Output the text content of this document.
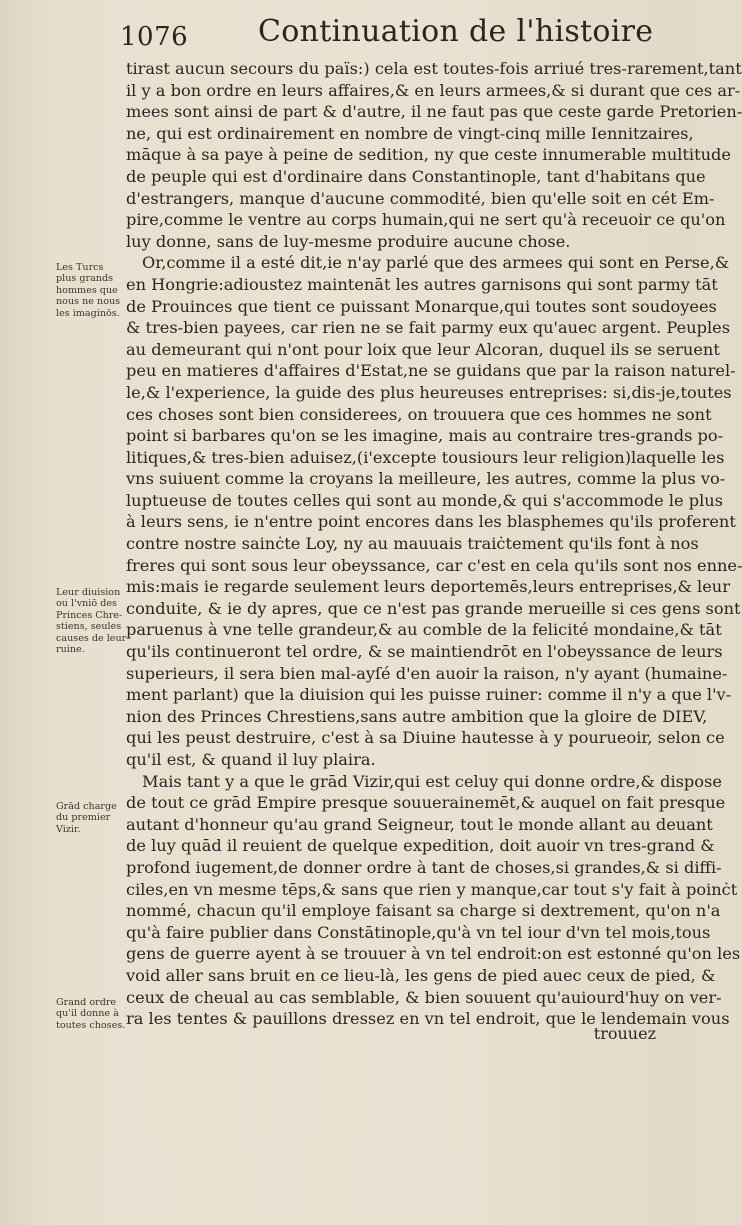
1076 Continuation de l'histoire
tirast aucun secours du païs:) cela est toutes-fois arriué tres-rarement,tant
il y a bon ordre en leurs affaires,& en leurs armees,& si durant que ces ar-
mees sont ainsi de part & d'autre, il ne faut pas que ceste garde Pretorien-
ne, qui est ordinairement en nombre de vingt-cinq mille Iennitzaires,
māque à sa paye à peine de sedition, ny que ceste innumerable multitude
de peuple qui est d'ordinaire dans Constantinople, tant d'habitans que
d'estrangers, manque d'aucune commodité, bien qu'elle soit en cét Em-
pire,comme le ventre au corps humain,qui ne sert qu'à receuoir ce qu'on
luy donne, sans de luy-mesme produire aucune chose.
Or,comme il a esté dit,ie n'ay parlé que des armees qui sont en Perse,&
en Hongrie:adioustez maintenāt les autres garnisons qui sont parmy tāt
de Prouinces que tient ce puissant Monarque,qui toutes sont soudoyees
& tres-bien payees, car rien ne se fait parmy eux qu'auec argent. Peuples
au demeurant qui n'ont pour loix que leur Alcoran, duquel ils se seruent
peu en matieres d'affaires d'Estat,ne se guidans que par la raison naturel-
le,& l'experience, la guide des plus heureuses entreprises: si,dis-je,toutes
ces choses sont bien considerees, on trouuera que ces hommes ne sont
point si barbares qu'on se les imagine, mais au contraire tres-grands po-
litiques,& tres-bien aduisez,(i'excepte tousiours leur religion)laquelle les
vns suiuent comme la croyans la meilleure, les autres, comme la plus vo-
luptueuse de toutes celles qui sont au monde,& qui s'accommode le plus
à leurs sens, ie n'entre point encores dans les blasphemes qu'ils proferent
contre nostre sainċte Loy, ny au mauuais traiċtement qu'ils font à nos
freres qui sont sous leur obeyssance, car c'est en cela qu'ils sont nos enne-
mis:mais ie regarde seulement leurs deportemēs,leurs entreprises,& leur
conduite, & ie dy apres, que ce n'est pas grande merueille si ces gens sont
paruenus à vne telle grandeur,& au comble de la felicité mondaine,& tāt
qu'ils continueront tel ordre, & se maintiendrōt en l'obeyssance de leurs
superieurs, il sera bien mal-ayſé d'en auoir la raison, n'y ayant (humaine-
ment parlant) que la diuision qui les puisse ruiner: comme il n'y a que l'v-
nion des Princes Chrestiens,sans autre ambition que la gloire de DIEV,
qui les peust destruire, c'est à sa Diuine hautesse à y pourueoir, selon ce
qu'il est, & quand il luy plaira.
Mais tant y a que le grād Vizir,qui est celuy qui donne ordre,& dispose
de tout ce grād Empire presque souuerainemēt,& auquel on fait presque
autant d'honneur qu'au grand Seigneur, tout le monde allant au deuant
de luy quād il reuient de quelque expedition, doit auoir vn tres-grand &
profond iugement,de donner ordre à tant de choses,si grandes,& si diffi-
ciles,en vn mesme tēps,& sans que rien y manque,car tout s'y fait à poinċt
nommé, chacun qu'il employe faisant sa charge si dextrement, qu'on n'a
qu'à faire publier dans Constātinople,qu'à vn tel iour d'vn tel mois,tous
gens de guerre ayent à se trouuer à vn tel endroit:on est estonné qu'on les
void aller sans bruit en ce lieu-là, les gens de pied auec ceux de pied, &
ceux de cheual au cas semblable, & bien souuent qu'auiourd'huy on ver-
ra les tentes & pauillons dressez en vn tel endroit, que le lendemain vous
Les Turcs
plus grands
hommes que
nous ne nous
les imaginōs.
Leur diuision
ou l'vniō des
Princes Chre-
stiens, seules
causes de leur
ruine.
Grād charge
du premier
Vizir.
Grand ordre
qu'il donne à
toutes choses.	trouuez
